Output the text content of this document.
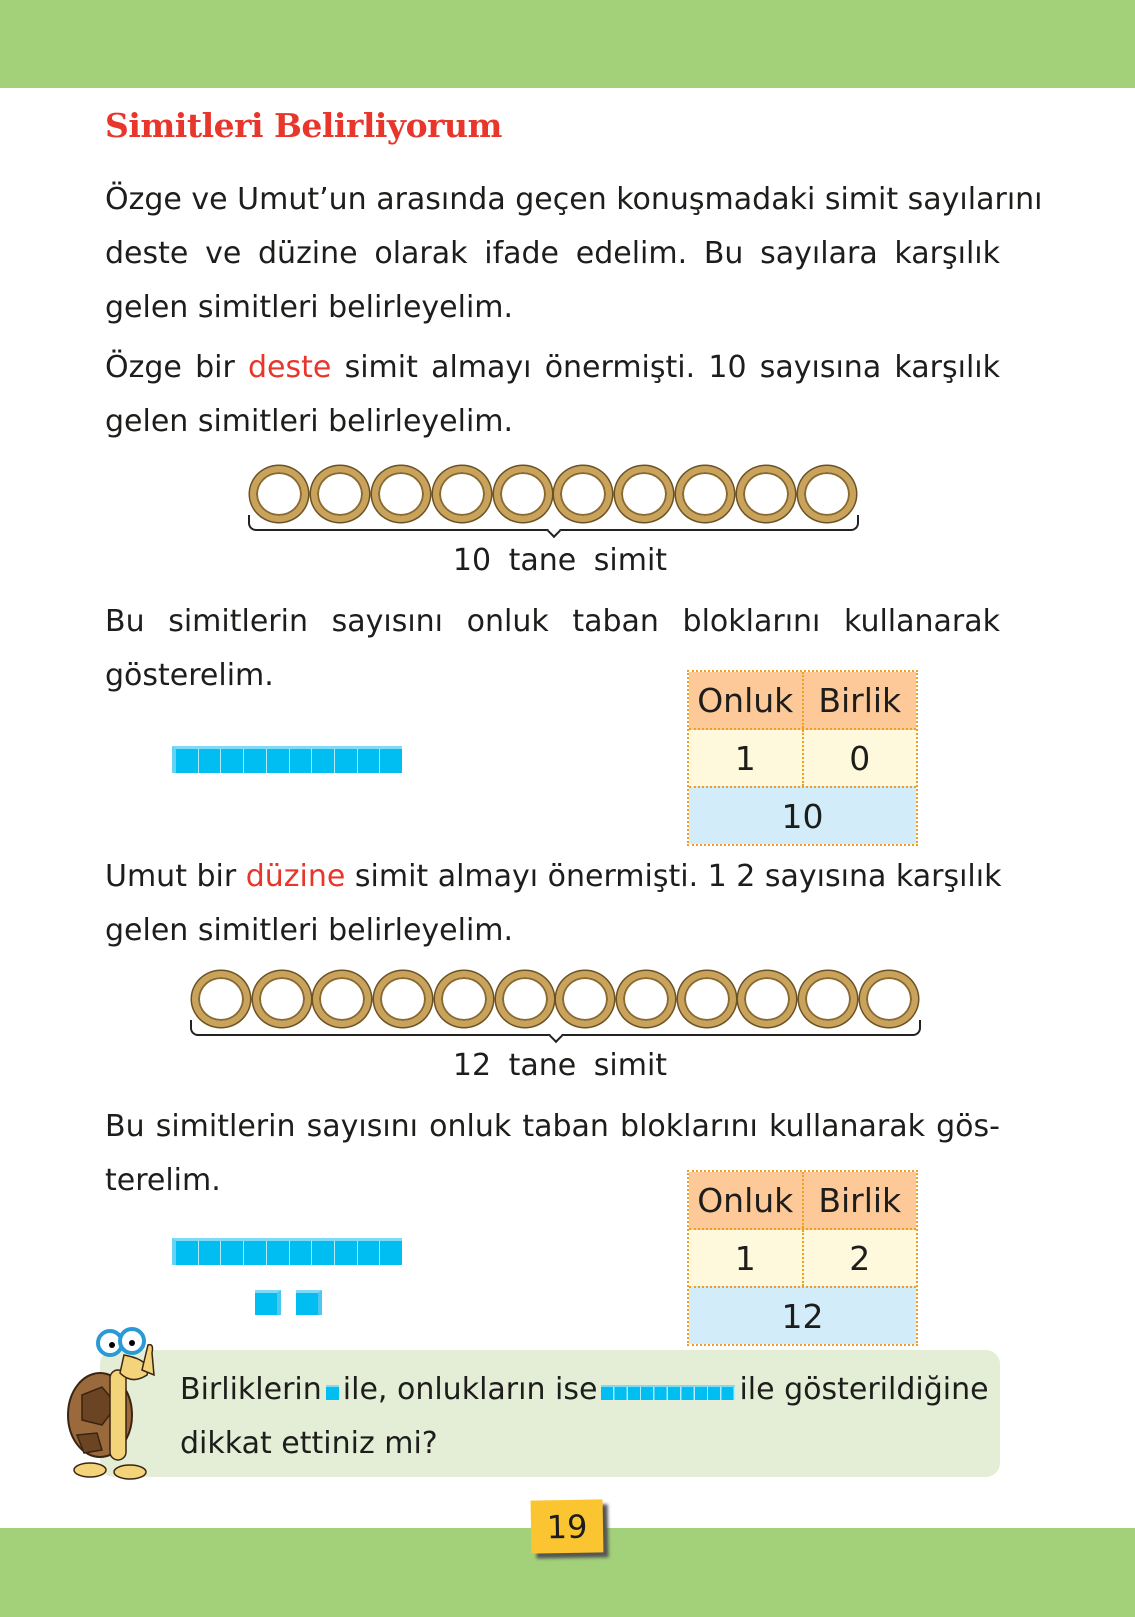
Simitleri Belirliyorum
Özge ve Umut’un arasında geçen konuşmadaki simit sayılarını
deste ve düzine olarak ifade edelim. Bu sayılara karşılık
gelen simitleri belirleyelim.
Özge bir deste simit almayı önermişti. 10 sayısına karşılık
gelen simitleri belirleyelim.
10 tane simit
Bu simitlerin sayısını onluk taban bloklarını kullanarak
gösterelim.
Onluk Birlik
1	0
10
Umut bir düzine simit almayı önermişti. 1 2 sayısına karşılık
gelen simitleri belirleyelim.
12 tane simit
Bu simitlerin sayısını onluk taban bloklarını kullanarak gös-
terelim.	Onluk Birlik
1	2
12
Birliklerin ile, onlukların ise	ile gösterildiğine
dikkat ettiniz mi?
19
